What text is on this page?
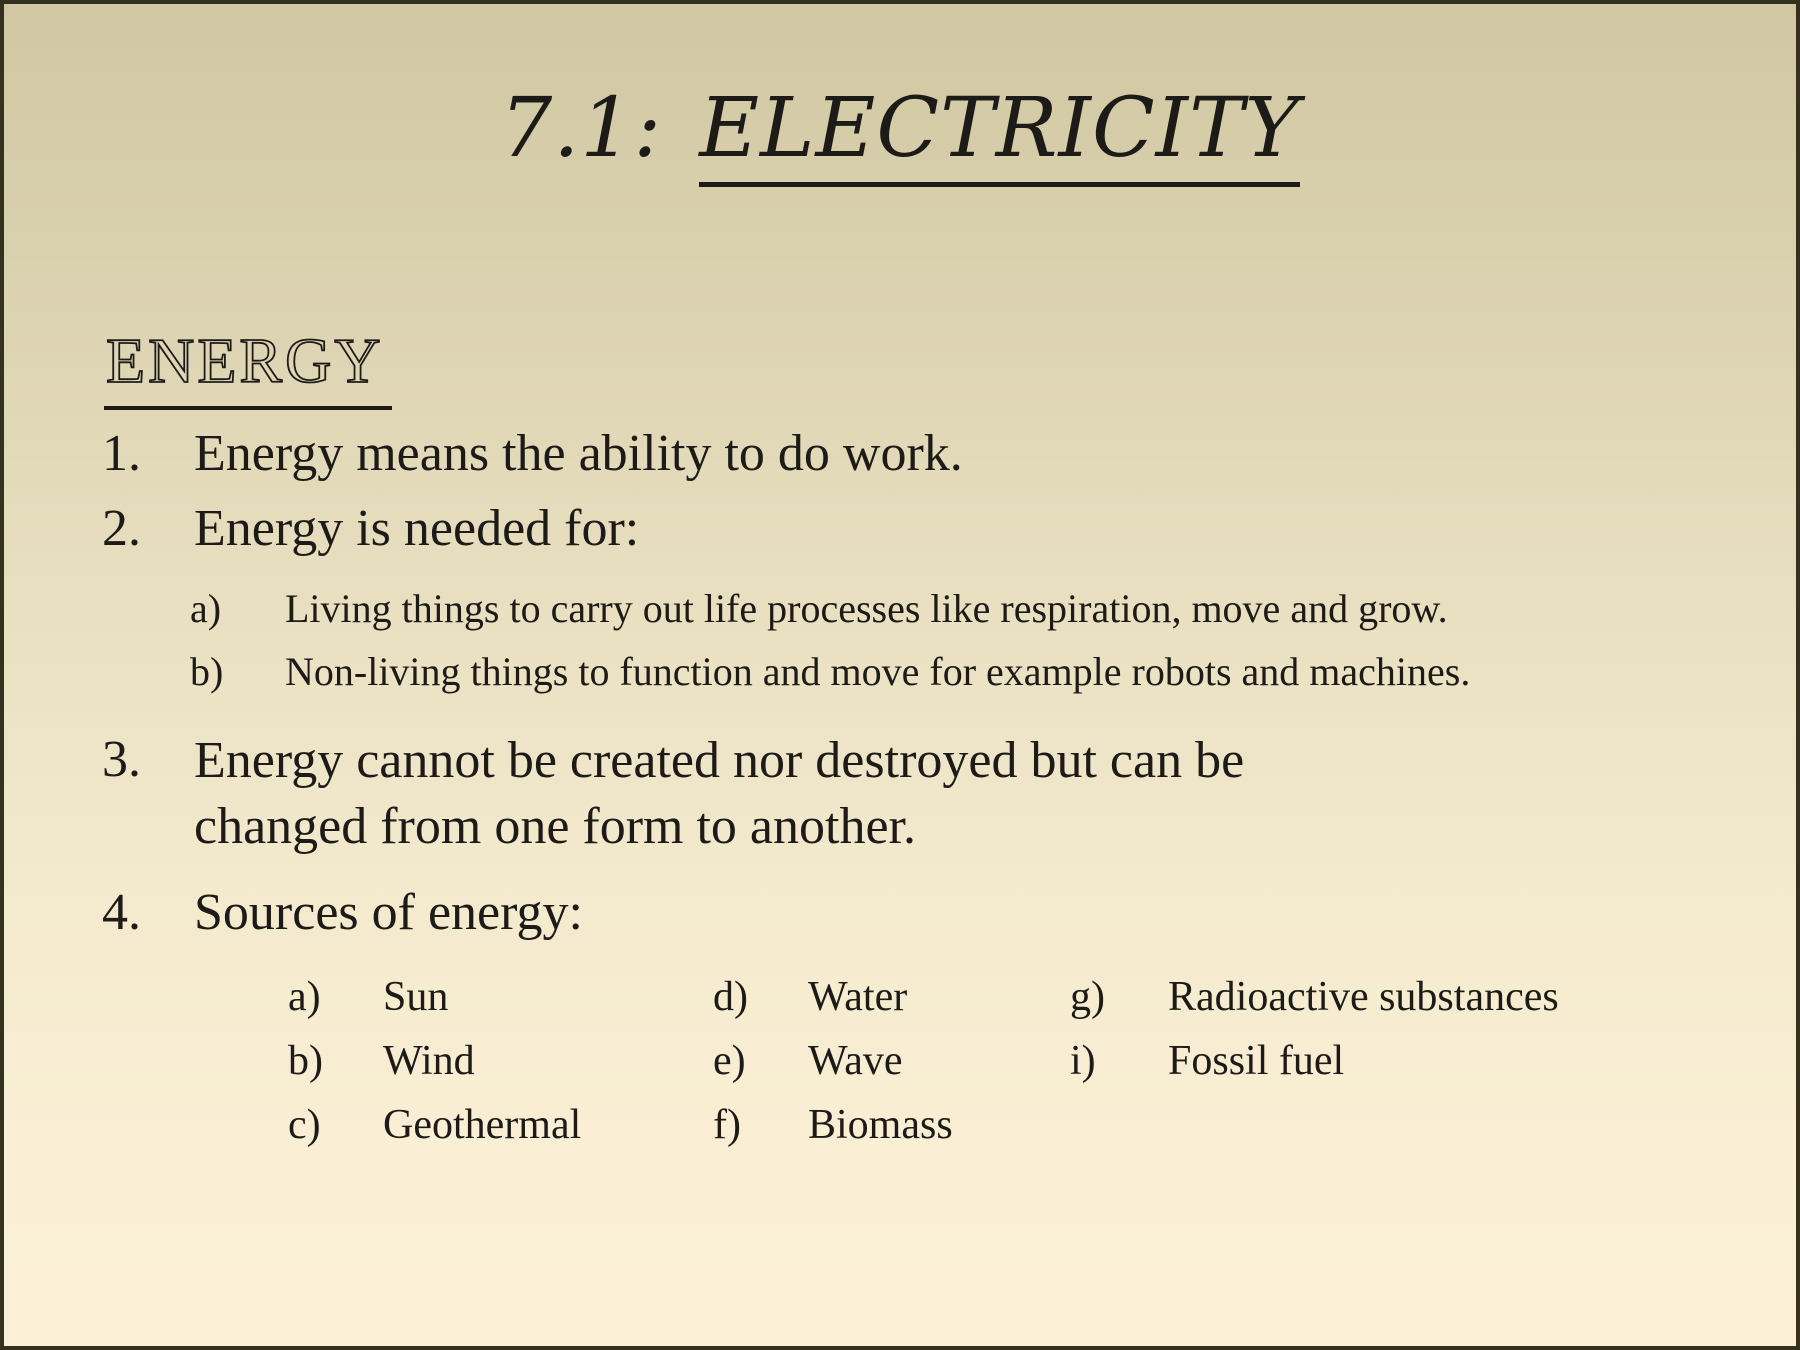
7.1: ELECTRICITY
ENERGY
1.	Energy means the ability to do work.
2.	Energy is needed for:
a)	Living things to carry out life processes like respiration, move and grow.
b)	Non-living things to function and move for example robots and machines.
3.	Energy cannot be created nor destroyed but can be changed from one form to another.
4.	Sources of energy:
a)	Sun	d)	Water	g)	Radioactive substances
b)	Wind	e)	Wave	i)	Fossil fuel
c)	Geothermal	f)	Biomass
